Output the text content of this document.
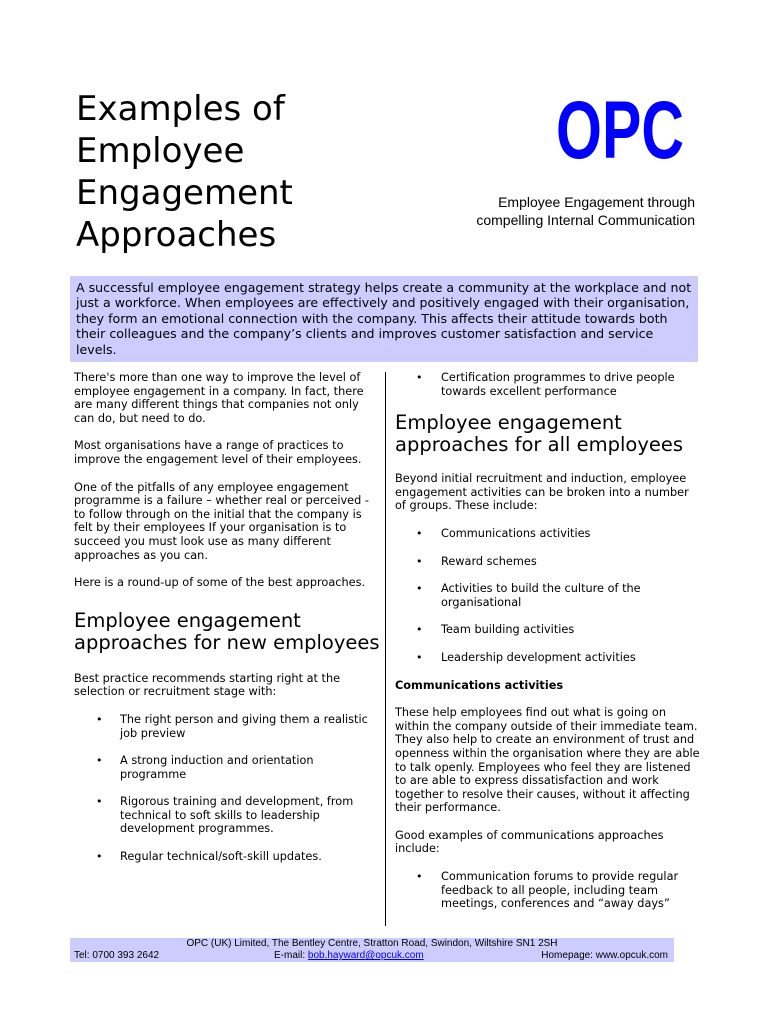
Examples of
Employee
Engagement
Approaches
OPC
Employee Engagement through
compelling Internal Communication
A successful employee engagement strategy helps create a community at the workplace and not just a workforce. When employees are effectively and positively engaged with their organisation, they form an emotional connection with the company. This affects their attitude towards both their colleagues and the company’s clients and improves customer satisfaction and service levels.

There's more than one way to improve the level of employee engagement in a company. In fact, there are many different things that companies not only can do, but need to do.

Most organisations have a range of practices to improve the engagement level of their employees.

One of the pitfalls of any employee engagement programme is a failure – whether real or perceived - to follow through on the initial that the company is felt by their employees If your organisation is to succeed you must look use as many different approaches as you can.

Here is a round-up of some of the best approaches.

Employee engagement approaches for new employees

Best practice recommends starting right at the selection or recruitment stage with:

• The right person and giving them a realistic job preview
• A strong induction and orientation programme
• Rigorous training and development, from technical to soft skills to leadership development programmes.
• Regular technical/soft-skill updates.
• Certification programmes to drive people towards excellent performance
Employee engagement approaches for all employees

Beyond initial recruitment and induction, employee engagement activities can be broken into a number of groups. These include:

• Communications activities
• Reward schemes
• Activities to build the culture of the organisational
• Team building activities
• Leadership development activities
Communications activities

These help employees find out what is going on within the company outside of their immediate team. They also help to create an environment of trust and openness within the organisation where they are able to talk openly. Employees who feel they are listened to are able to express dissatisfaction and work together to resolve their causes, without it affecting their performance.

Good examples of communications approaches include:

• Communication forums to provide regular feedback to all people, including team meetings, conferences and “away days”
OPC (UK) Limited, The Bentley Centre, Stratton Road, Swindon, Wiltshire SN1 2SH
Tel: 0700 393 2642	E-mail: bob.hayward@opcuk.com	Homepage: www.opcuk.com
